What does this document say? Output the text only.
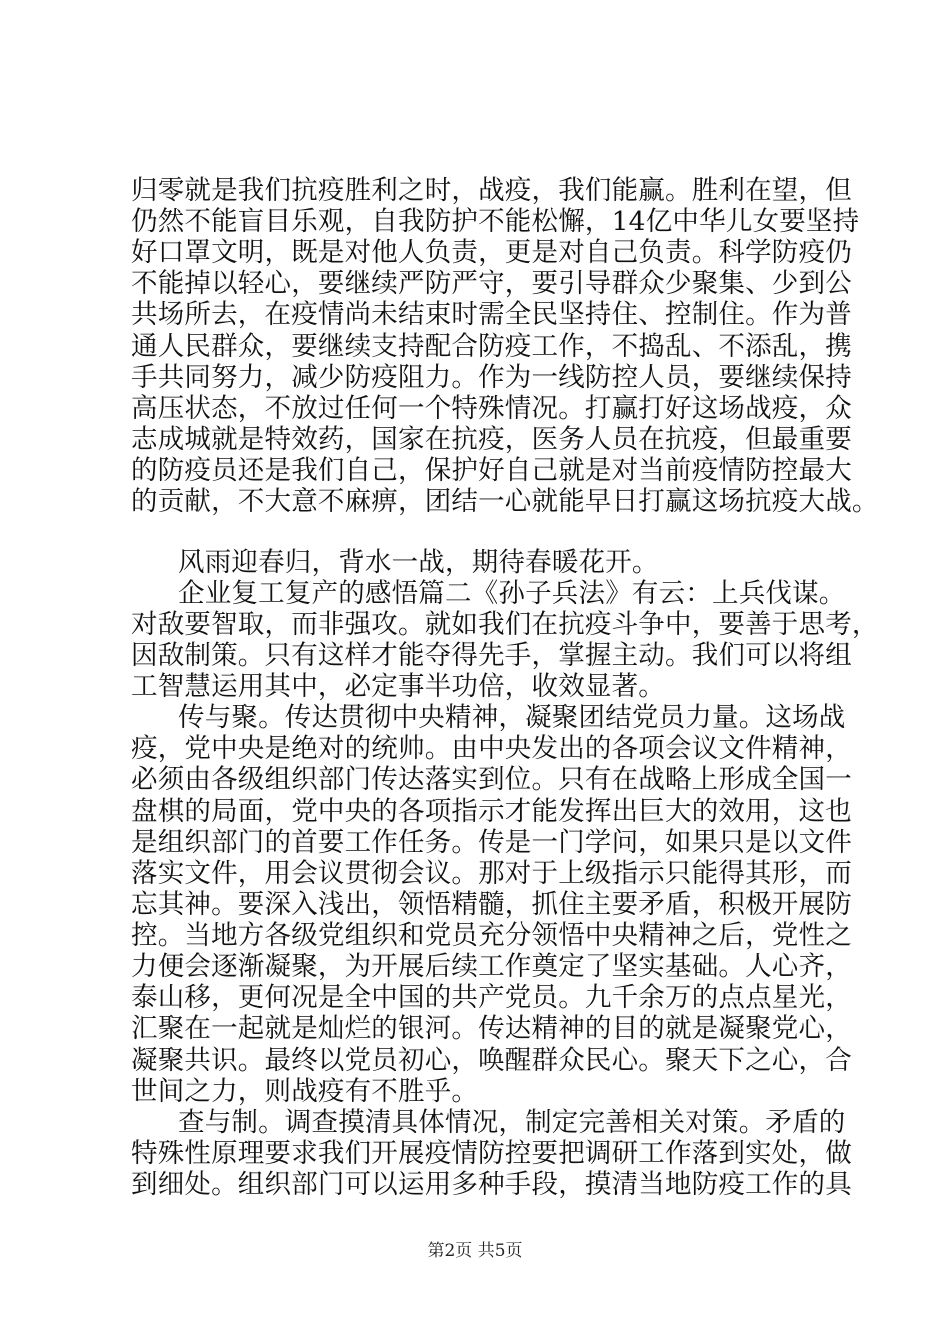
归零就是我们抗疫胜利之时，战疫，我们能赢。胜利在望，但
仍然不能盲目乐观，自我防护不能松懈，14亿中华儿女要坚持
好口罩文明，既是对他人负责，更是对自己负责。科学防疫仍
不能掉以轻心，要继续严防严守，要引导群众少聚集、少到公
共场所去，在疫情尚未结束时需全民坚持住、控制住。作为普
通人民群众，要继续支持配合防疫工作，不捣乱、不添乱，携
手共同努力，减少防疫阻力。作为一线防控人员，要继续保持
高压状态，不放过任何一个特殊情况。打赢打好这场战疫，众
志成城就是特效药，国家在抗疫，医务人员在抗疫，但最重要
的防疫员还是我们自己，保护好自己就是对当前疫情防控最大
的贡献，不大意不麻痹，团结一心就能早日打赢这场抗疫大战。
风雨迎春归，背水一战，期待春暖花开。
企业复工复产的感悟篇二《孙子兵法》有云：上兵伐谋。
对敌要智取，而非强攻。就如我们在抗疫斗争中，要善于思考，
因敌制策。只有这样才能夺得先手，掌握主动。我们可以将组
工智慧运用其中，必定事半功倍，收效显著。
传与聚。传达贯彻中央精神，凝聚团结党员力量。这场战
疫，党中央是绝对的统帅。由中央发出的各项会议文件精神，
必须由各级组织部门传达落实到位。只有在战略上形成全国一
盘棋的局面，党中央的各项指示才能发挥出巨大的效用，这也
是组织部门的首要工作任务。传是一门学问，如果只是以文件
落实文件，用会议贯彻会议。那对于上级指示只能得其形，而
忘其神。要深入浅出，领悟精髓，抓住主要矛盾，积极开展防
控。当地方各级党组织和党员充分领悟中央精神之后，党性之
力便会逐渐凝聚，为开展后续工作奠定了坚实基础。人心齐，
泰山移，更何况是全中国的共产党员。九千余万的点点星光，
汇聚在一起就是灿烂的银河。传达精神的目的就是凝聚党心，
凝聚共识。最终以党员初心，唤醒群众民心。聚天下之心，合
世间之力，则战疫有不胜乎。
查与制。调查摸清具体情况，制定完善相关对策。矛盾的
特殊性原理要求我们开展疫情防控要把调研工作落到实处，做
到细处。组织部门可以运用多种手段，摸清当地防疫工作的具
第2页 共5页
